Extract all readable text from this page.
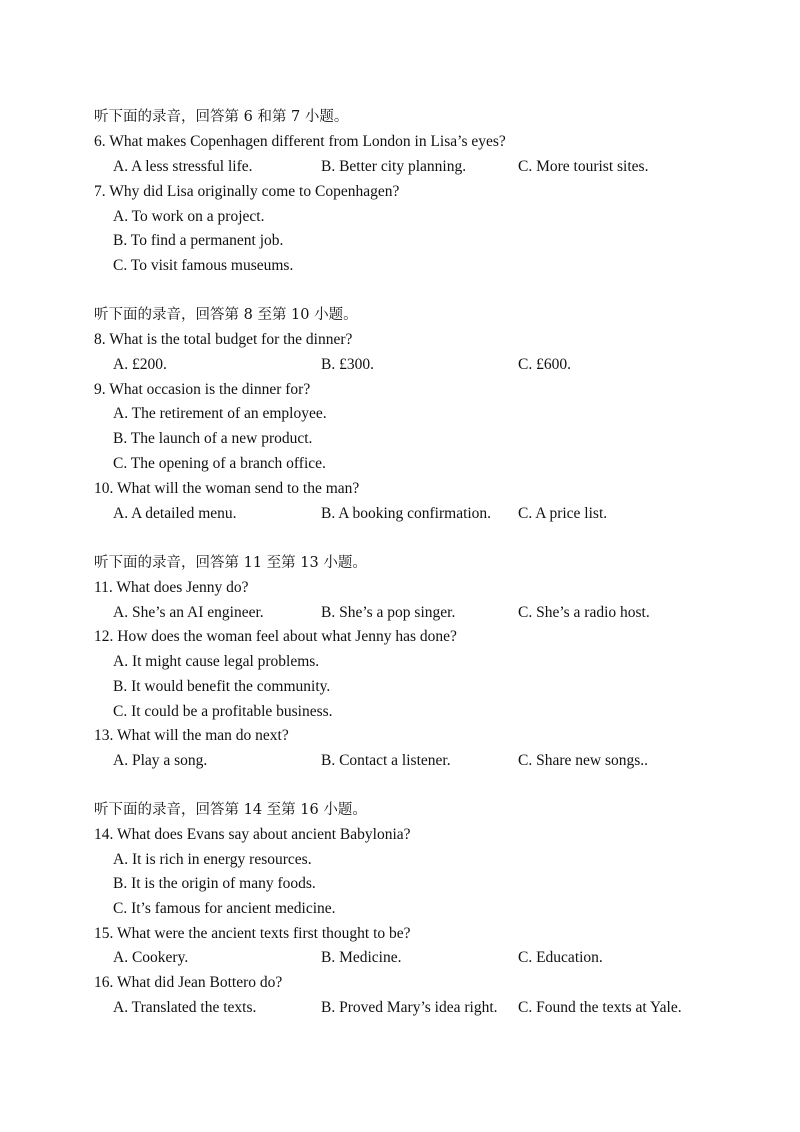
听下面的录音，回答第 6 和第 7 小题。
6. What makes Copenhagen different from London in Lisa’s eyes?
A. A less stressful life.	B. Better city planning.	C. More tourist sites.
7. Why did Lisa originally come to Copenhagen?
A. To work on a project.
B. To find a permanent job.
C. To visit famous museums.
听下面的录音，回答第 8 至第 10 小题。
8. What is the total budget for the dinner?
A. £200.	B. £300.	C. £600.
9. What occasion is the dinner for?
A. The retirement of an employee.
B. The launch of a new product.
C. The opening of a branch office.
10. What will the woman send to the man?
A. A detailed menu.	B. A booking confirmation. C. A price list.
听下面的录音，回答第 11 至第 13 小题。
11. What does Jenny do?
A. She’s an AI engineer.	B. She’s a pop singer.	C. She’s a radio host.
12. How does the woman feel about what Jenny has done?
A. It might cause legal problems.
B. It would benefit the community.
C. It could be a profitable business.
13. What will the man do next?
A. Play a song.	B. Contact a listener.	C. Share new songs..
听下面的录音，回答第 14 至第 16 小题。
14. What does Evans say about ancient Babylonia?
A. It is rich in energy resources.
B. It is the origin of many foods.
C. It’s famous for ancient medicine.
15. What were the ancient texts first thought to be?
A. Cookery.	B. Medicine.	C. Education.
16. What did Jean Bottero do?
A. Translated the texts.	B. Proved Mary’s idea right. C. Found the texts at Yale.
